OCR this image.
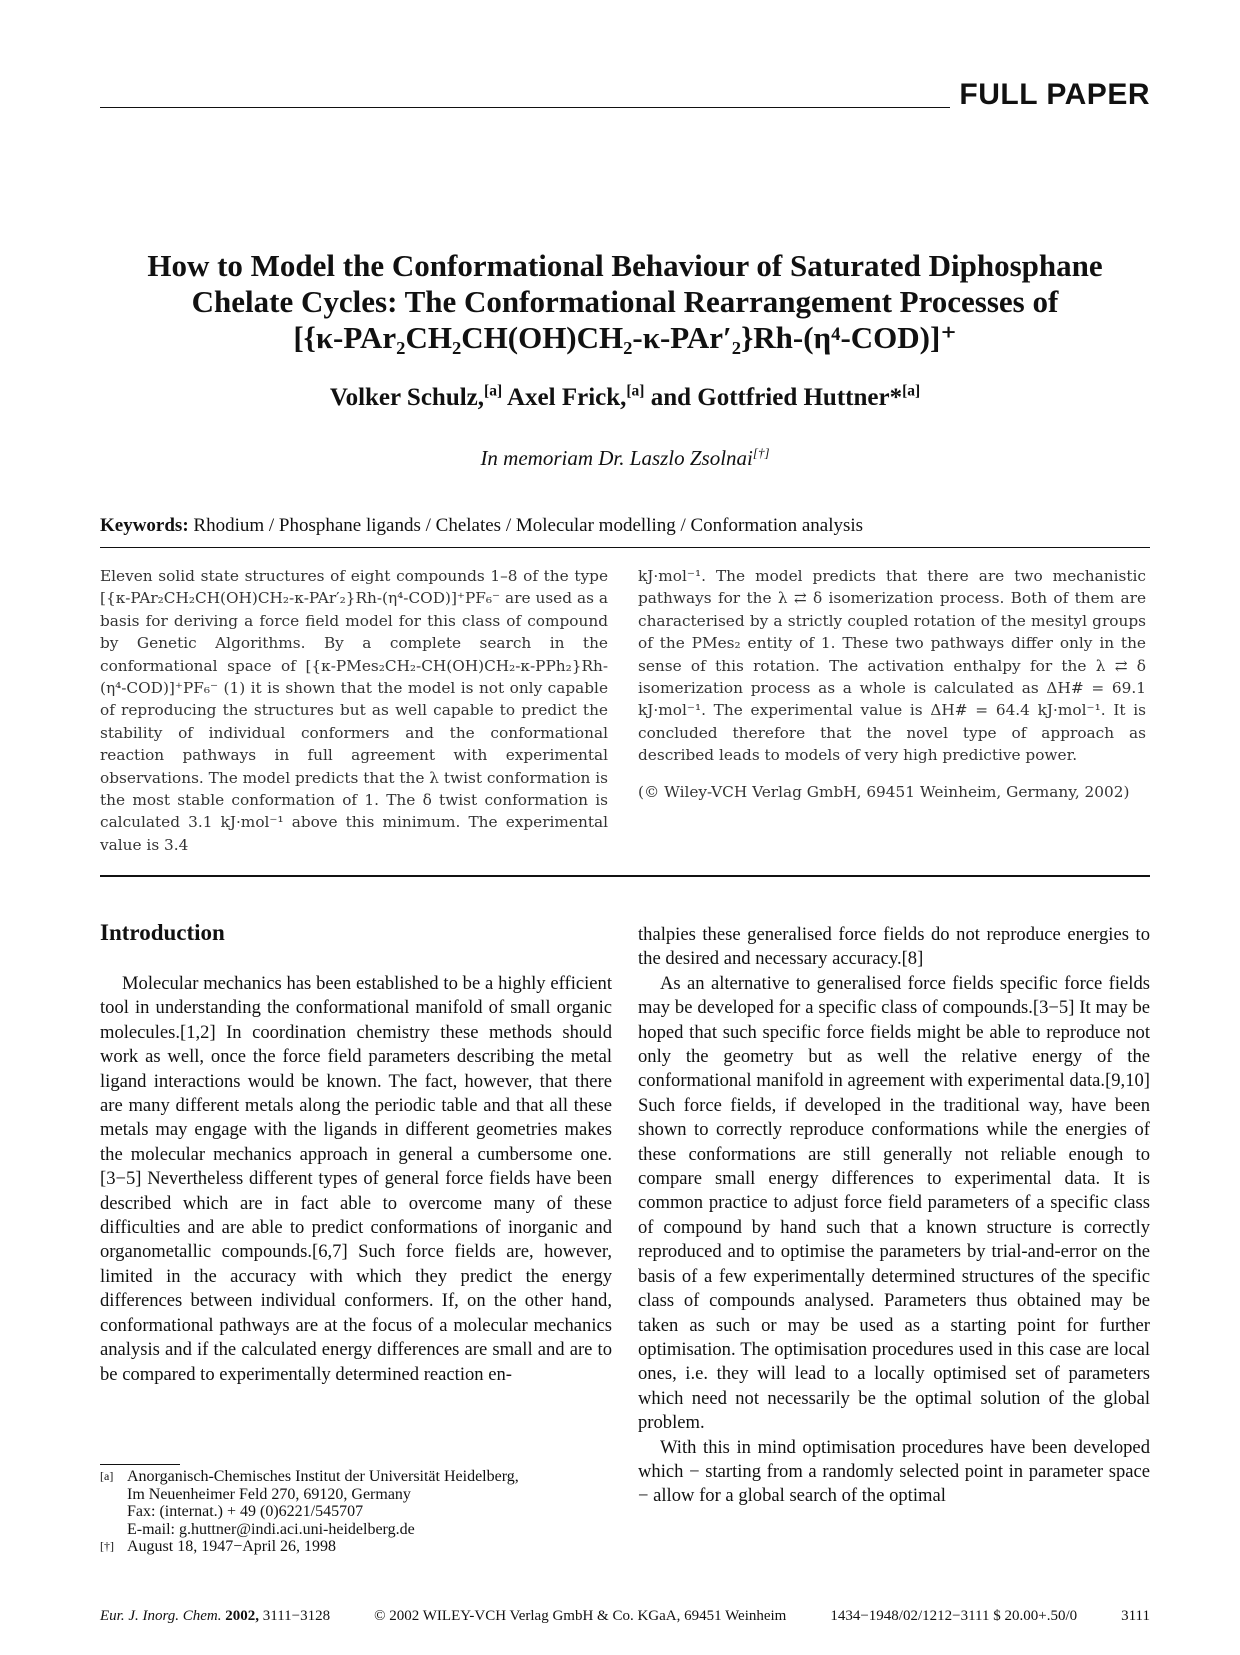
FULL PAPER
How to Model the Conformational Behaviour of Saturated Diphosphane
Chelate Cycles: The Conformational Rearrangement Processes of
[{κ-PAr₂CH₂CH(OH)CH₂-κ-PAr′₂}Rh-(η⁴-COD)]⁺
Volker Schulz,[a] Axel Frick,[a] and Gottfried Huttner*[a]
In memoriam Dr. Laszlo Zsolnai[†]
Keywords: Rhodium / Phosphane ligands / Chelates / Molecular modelling / Conformation analysis

Eleven solid state structures of eight compounds 1–8 of the type [{κ-PAr₂CH₂CH(OH)CH₂-κ-PAr′₂}Rh-(η⁴-COD)]⁺PF₆⁻ are used as a basis for deriving a force field model for this class of compound by Genetic Algorithms. By a complete search in the conformational space of [{κ-PMes₂CH₂-CH(OH)CH₂-κ-PPh₂}Rh-(η⁴-COD)]⁺PF₆⁻ (1) it is shown that the model is not only capable of reproducing the structures but as well capable to predict the stability of individual conformers and the conformational reaction pathways in full agreement with experimental observations. The model predicts that the λ twist conformation is the most stable conformation of 1. The δ twist conformation is calculated 3.1 kJ·mol⁻¹ above this minimum. The experimental value is 3.4

kJ·mol⁻¹. The model predicts that there are two mechanistic pathways for the λ ⇄ δ isomerization process. Both of them are characterised by a strictly coupled rotation of the mesityl groups of the PMes₂ entity of 1. These two pathways differ only in the sense of this rotation. The activation enthalpy for the λ ⇄ δ isomerization process as a whole is calculated as ΔH# = 69.1 kJ·mol⁻¹. The experimental value is ΔH# = 64.4 kJ·mol⁻¹. It is concluded therefore that the novel type of approach as described leads to models of very high predictive power.

(© Wiley-VCH Verlag GmbH, 69451 Weinheim, Germany, 2002)

Introduction

Molecular mechanics has been established to be a highly efficient tool in understanding the conformational manifold of small organic molecules.[1,2] In coordination chemistry these methods should work as well, once the force field parameters describing the metal ligand interactions would be known. The fact, however, that there are many different metals along the periodic table and that all these metals may engage with the ligands in different geometries makes the molecular mechanics approach in general a cumbersome one.[3−5] Nevertheless different types of general force fields have been described which are in fact able to overcome many of these difficulties and are able to predict conformations of inorganic and organometallic compounds.[6,7] Such force fields are, however, limited in the accuracy with which they predict the energy differences between individual conformers. If, on the other hand, conformational pathways are at the focus of a molecular mechanics analysis and if the calculated energy differences are small and are to be compared to experimentally determined reaction en-

thalpies these generalised force fields do not reproduce energies to the desired and necessary accuracy.[8]

As an alternative to generalised force fields specific force fields may be developed for a specific class of compounds.[3−5] It may be hoped that such specific force fields might be able to reproduce not only the geometry but as well the relative energy of the conformational manifold in agreement with experimental data.[9,10] Such force fields, if developed in the traditional way, have been shown to correctly reproduce conformations while the energies of these conformations are still generally not reliable enough to compare small energy differences to experimental data. It is common practice to adjust force field parameters of a specific class of compound by hand such that a known structure is correctly reproduced and to optimise the parameters by trial-and-error on the basis of a few experimentally determined structures of the specific class of compounds analysed. Parameters thus obtained may be taken as such or may be used as a starting point for further optimisation. The optimisation procedures used in this case are local ones, i.e. they will lead to a locally optimised set of parameters which need not necessarily be the optimal solution of the global problem.

With this in mind optimisation procedures have been developed which − starting from a randomly selected point in parameter space − allow for a global search of the optimal

[a] Anorganisch-Chemisches Institut der Universität Heidelberg,
Im Neuenheimer Feld 270, 69120, Germany
Fax: (internat.) + 49 (0)6221/545707
E-mail: g.huttner@indi.aci.uni-heidelberg.de
[†] August 18, 1947−April 26, 1998
Eur. J. Inorg. Chem. 2002, 3111−3128	© 2002 WILEY-VCH Verlag GmbH & Co. KGaA, 69451 Weinheim	1434−1948/02/1212−3111 $ 20.00+.50/0	3111
